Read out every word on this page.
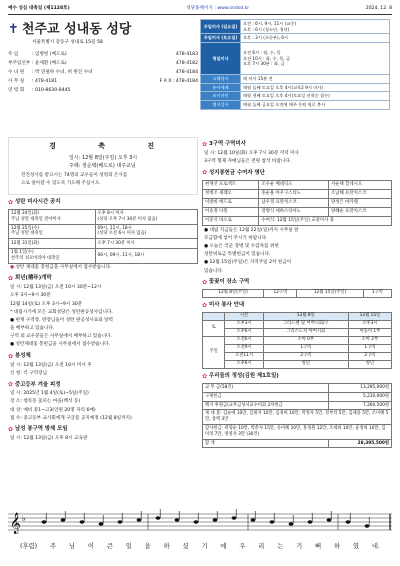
예수 성심 대축일 (제1128호)	성당홈페이지 : www.sndsd.kr	2024. 12. 8
✝ 천주교 성내동 성당
서울특별시 강동구 성내로 15길 58
주 임	: 임병헌 (베드로)	478-4183
부주임신부 : 윤세환 (베드로)	478-4182
수 녀 원	: 박 연필하 수녀, 허 원진 수녀	478-4184
사 무 실	: 478-4181	F A X : 478-4184
연 령 회	: 010-8630-8445
주일미사 (일요일)	오전 : 6시, 9시, 11시 (교중)
오후 : 6시 (청소년, 청년)
주일미사 (토요일)	오후 : 3시 (초등부), 6시
평일미사	오전 6시 : 월, 수, 목
오전 10시 : 화, 수, 목, 금
오후 7시 30분 : 화, 금
고해성사	매 미사 15분 전
유아세례	매월 둘째 토요일 오후 4시(교육2 9시 미사)
조이마인	매월 셋째 토요일 오후 4시(토요일 선착순 접수)
병자성사	매월 둘째 금요일 오전에 매주 은퇴 원로 봉사
경 축 진
일시: 12월 8일(주일) 오후 3시
주례: 정순택(베드로) 대주교님
견진성사를 받으시는 74명의 교우들이 성령의 은사를
으로 살아갈 수 있도록 기도해 주십시오.
✿ 성탄 미사시간 공지
12월 24일(화)
주님 성탄 대축일 전야미사	오후 8시 미사
(성당 오후 7시 30분 미사 없음)
12월 25일(수)
주님 성탄 대축일	09시, 11시, 18시
(성당 오전 6시 미사 없음)
12월 31일(화)	오후 7시 30분 미사
1월 1일(수)
천주의 성모마리아 대축일	06시, 09시, 11시, 18시
● 성탄 제대꽃 봉헌금을 사무실에서 접수받습니다.
✿ 희년(禧年)개막
일 시: 12월 13일(금) 오전 10시 30분~12시
오후 3시~9시 30분
12월 14일(토) 오후 3시~9시 30분
* 대림시기에 모든 교회성당은 성탄판공성사입니다.
● 현재 구역장, 반장님들이 성탄 판공성사표와 달력
을 배부하고 있습니다.
구역 외 교우분들은 사무실에서 배부하고 있습니다.
● 성탄제대꽃 봉헌금을 사무실에서 접수받습니다.
✿ 봉성체
일 시: 12월 13일(금) 오전 10시 미사 후
신 청: 각 구역장님
✿ 중고등부 겨울 피정
일 시: 2025년 1월 4일(토)~5일(주일)
장 소: 청록동 꽃피는 마을(백석 동)
대 상: 예비 중1~고3(인원 20명 자리 6매)
접 수: 중고등부 교사회에게 구글폼 공지예정 (12월 8일까지)
✿ 남성 봉구역 방제 모임
일 시: 12월 13일(금) 오후 8시 교육관
✿ 3구역 구역미사
일 시: 12월 10일(화) 오후 7시 30분 저녁 미사
3구역 형제 자매님들은 전원 참석 바랍니다.
✿ 성지봉헌금 수여자 명단
현재선 프로젝트	조우순 베네딕도	서순택 힐데시오
정병조 세례오	홍순용 아우구스티노	조남혜 프란치스코
이방희 베드로	남우경 프란치스코	양성은 마카렐
이승정 다윗	강병식 세바스티아노	양혜순 프란치스코
이준석 바오로	수여식: 12월 15일(주일) 교중미사 중	
● 대림 지금들은 12월 22일(일)까지 시무실 앞
모금함에 넣어 주시기 바랍니다.
● 오늘은 국군 장병 및 수감자를 위한
성탄위로금 특별헌금이 있습니다.
● 12월 15일(주일)은 지역주일 2차 헌금이
있습니다.
✿ 꽃꽂이 장소 구역
12월 8일(주일)	12구역	12월 15일(주일)	1구역
✿ 미사 봉사 안내
	시간	12월 8일	12월 15일
토	오후3시	그라드렌 및 어머니회/구	오후3시
	오후6시	그리스도치 아버지회	아동미 1부
주일	오전6시	소아 0부	소아 2부
	오전9시	1구역	1구역
	오전11시	2구역	2구역
	오후6시	청년	청년
✿ 우리들의 정성(김원 제1호일)
교 무 금(58건)	13,295,000원
구제헌금	5,210,000원
백지 후원금(교무금성서교수비회 2차헌금	7,260,500원
제 대 봉: 김순애 10만, 김필자 10만, 김경희 10만, 박정자 5만, 정부리 5만, 김채용 5만, 조미혜 5만, 총액 3만	
감사헌금: 곽형순 10만, 박춘자 15만, 유미혜 10만, 홍정원 12만, 조세희 10만, 윤정희 10만, 김미영 7만, 정영자 3만 (30건)	
합 계	28,395,500원
𝄞 ♭
(후렴) 주 님 이 큰 일 을 하 셨 기 에 우 리 는 기 뻐 하 였 네.
